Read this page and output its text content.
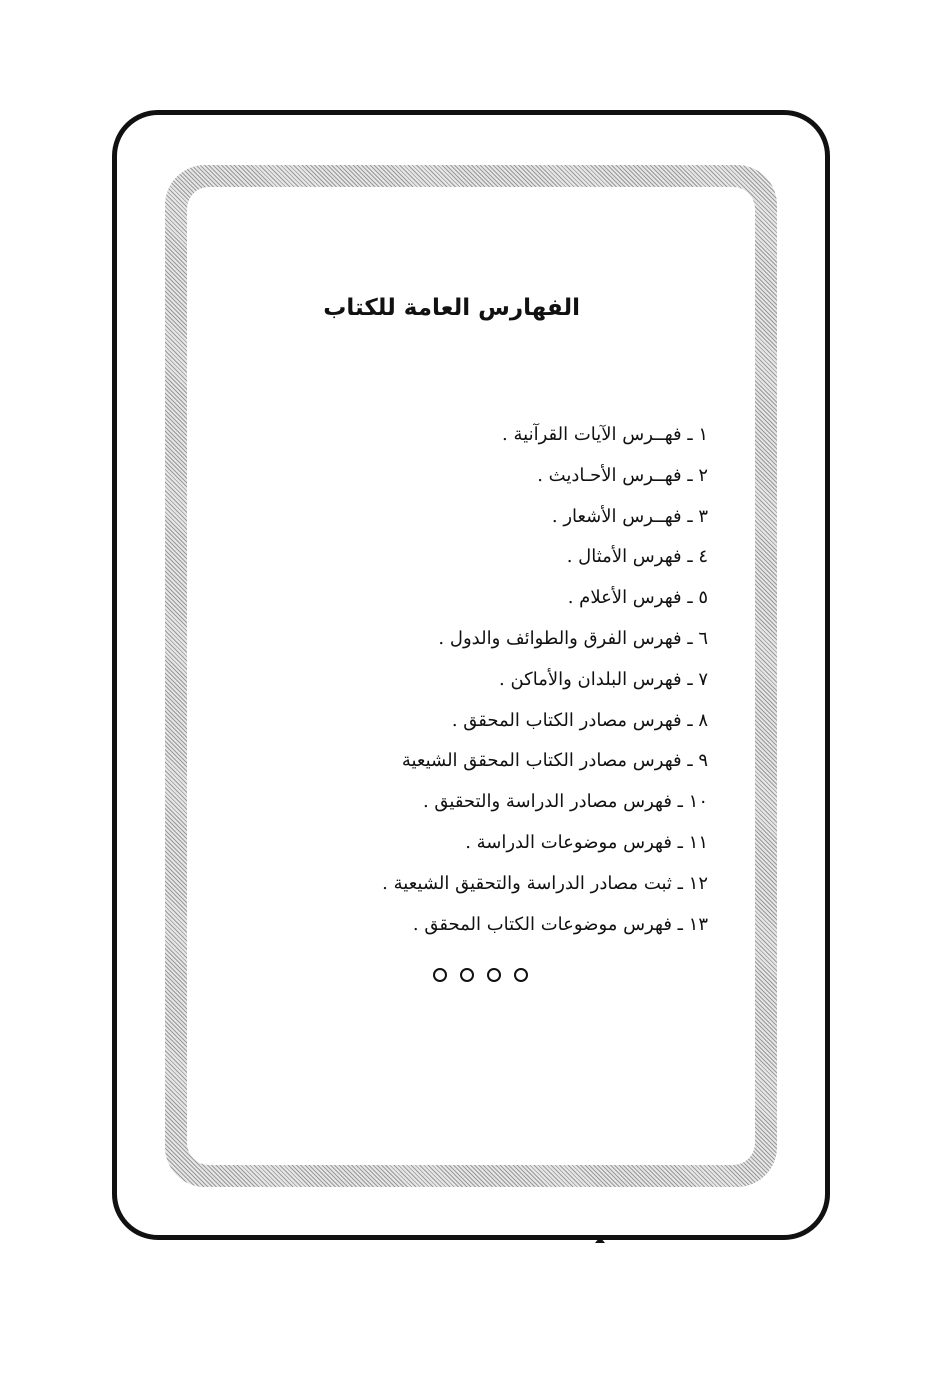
الفهارس العامة للكتاب
١ ـ فهــرس الآيات القرآنية .
٢ ـ فهــرس الأحـاديث .
٣ ـ فهــرس الأشعار .
٤ ـ فهرس الأمثال .
٥ ـ فهرس الأعلام .
٦ ـ فهرس الفرق والطوائف والدول .
٧ ـ فهرس البلدان والأماكن .
٨ ـ فهرس مصادر الكتاب المحقق .
٩ ـ فهرس مصادر الكتاب المحقق الشيعية
١٠ ـ فهرس مصادر الدراسة والتحقيق .
١١ ـ فهرس موضوعات الدراسة .
١٢ ـ ثبت مصادر الدراسة والتحقيق الشيعية .
١٣ ـ فهرس موضوعات الكتاب المحقق .
